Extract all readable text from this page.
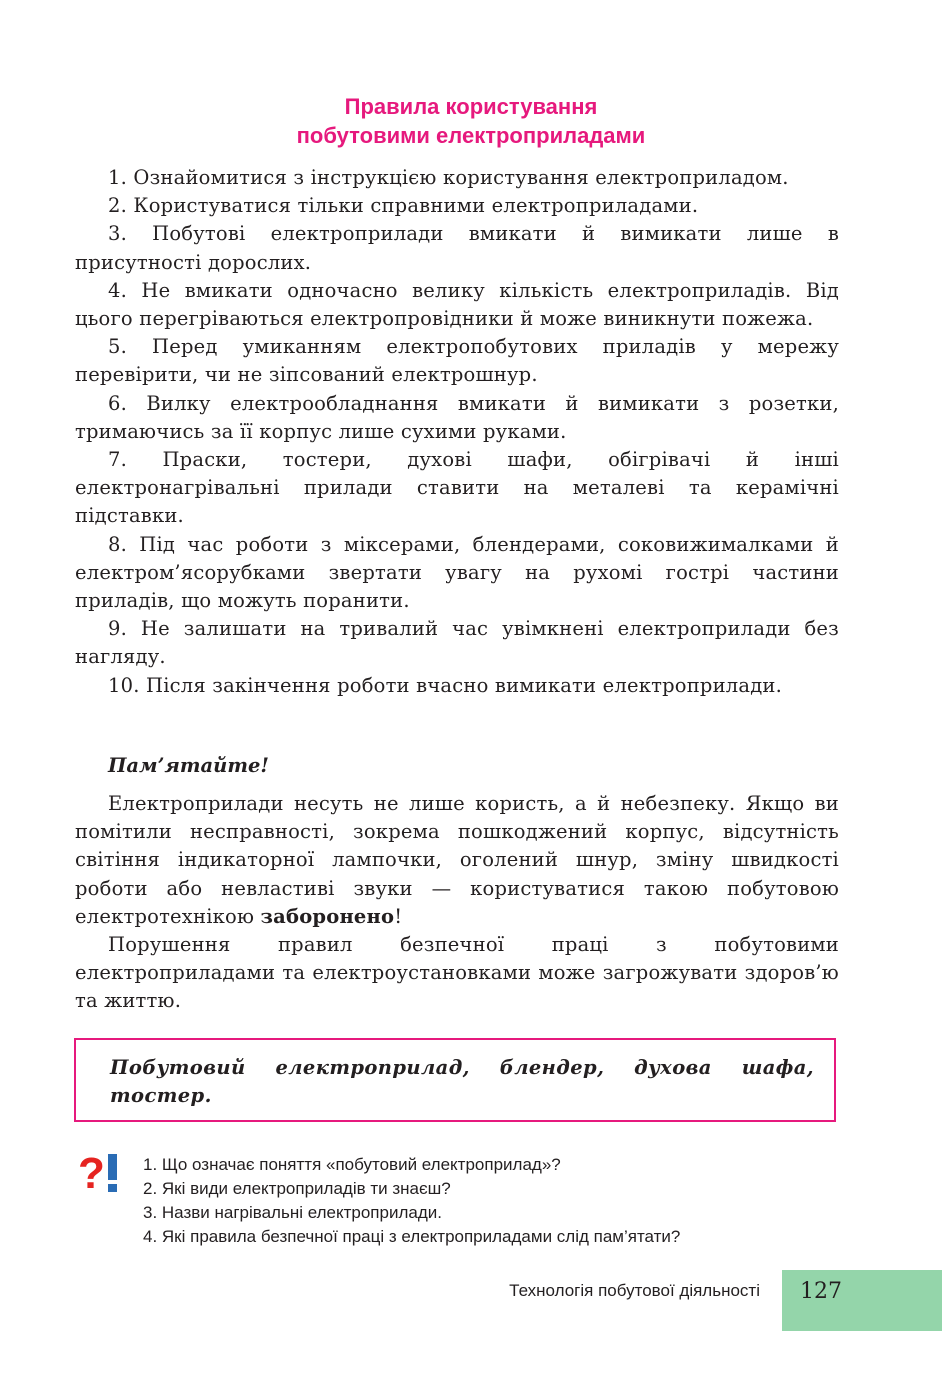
Правила користування
побутовими електроприладами
1. Ознайомитися з інструкцією користування електроприладом.
2. Користуватися тільки справними електроприладами.
3. Побутові електроприлади вмикати й вимикати лише в присутності дорослих.
4. Не вмикати одночасно велику кількість електроприладів. Від цього перегріваються електропровідники й може виникнути пожежа.
5. Перед умиканням електропобутових приладів у мережу перевірити, чи не зіпсований електрошнур.
6. Вилку електрообладнання вмикати й вимикати з розетки, тримаючись за її корпус лише сухими руками.
7. Праски, тостери, духові шафи, обігрівачі й інші електронагрівальні прилади ставити на металеві та керамічні підставки.
8. Під час роботи з міксерами, блендерами, соковижималками й електром’ясорубками звертати увагу на рухомі гострі частини приладів, що можуть поранити.
9. Не залишати на тривалий час увімкнені електроприлади без нагляду.
10. Після закінчення роботи вчасно вимикати електроприлади.
Пам’ятайте!

Електроприлади несуть не лише користь, а й небезпеку. Якщо ви помітили несправності, зокрема пошкоджений корпус, відсутність світіння індикаторної лампочки, оголений шнур, зміну швидкості роботи або невластиві звуки — користуватися такою побутовою електротехнікою заборонено!

Порушення правил безпечної праці з побутовими електроприладами та електроустановками може загрожувати здоров’ю та життю.

Побутовий електроприлад, блендер, духова шафа, тостер.
? 1. Що означає поняття «побутовий електроприлад»?
2. Які види електроприладів ти знаєш?
3. Назви нагрівальні електроприлади.
4. Які правила безпечної праці з електроприладами слід пам’ятати?
Технологія побутової діяльності 127
